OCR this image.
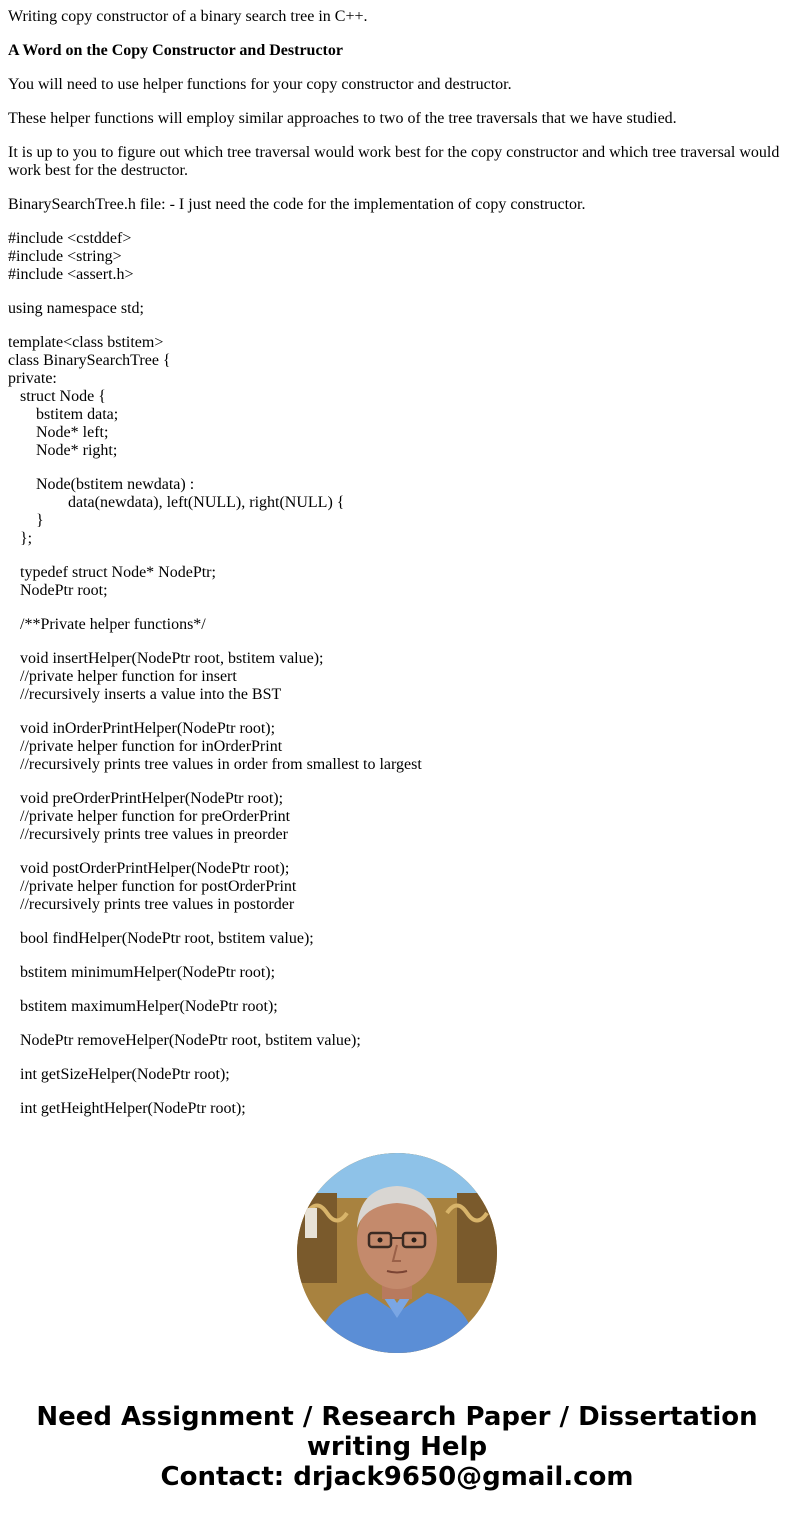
Writing copy constructor of a binary search tree in C++.

A Word on the Copy Constructor and Destructor

You will need to use helper functions for your copy constructor and destructor.

These helper functions will employ similar approaches to two of the tree traversals that we have studied.

It is up to you to figure out which tree traversal would work best for the copy constructor and which tree traversal would work best for the destructor.

BinarySearchTree.h file: - I just need the code for the implementation of copy constructor.

#include <cstddef>
#include <string>
#include <assert.h>
using namespace std;
template<class bstitem>
class BinarySearchTree {
private:
struct Node {
bstitem data;
Node* left;
Node* right;
Node(bstitem newdata) :
data(newdata), left(NULL), right(NULL) {
}
};
typedef struct Node* NodePtr;
NodePtr root;
/**Private helper functions*/
void insertHelper(NodePtr root, bstitem value);
//private helper function for insert
//recursively inserts a value into the BST
void inOrderPrintHelper(NodePtr root);
//private helper function for inOrderPrint
//recursively prints tree values in order from smallest to largest
void preOrderPrintHelper(NodePtr root);
//private helper function for preOrderPrint
//recursively prints tree values in preorder
void postOrderPrintHelper(NodePtr root);
//private helper function for postOrderPrint
//recursively prints tree values in postorder
bool findHelper(NodePtr root, bstitem value);
bstitem minimumHelper(NodePtr root);
bstitem maximumHelper(NodePtr root);
NodePtr removeHelper(NodePtr root, bstitem value);
int getSizeHelper(NodePtr root);
int getHeightHelper(NodePtr root);
Need Assignment / Research Paper / Dissertation
writing Help
Contact: drjack9650@gmail.com
